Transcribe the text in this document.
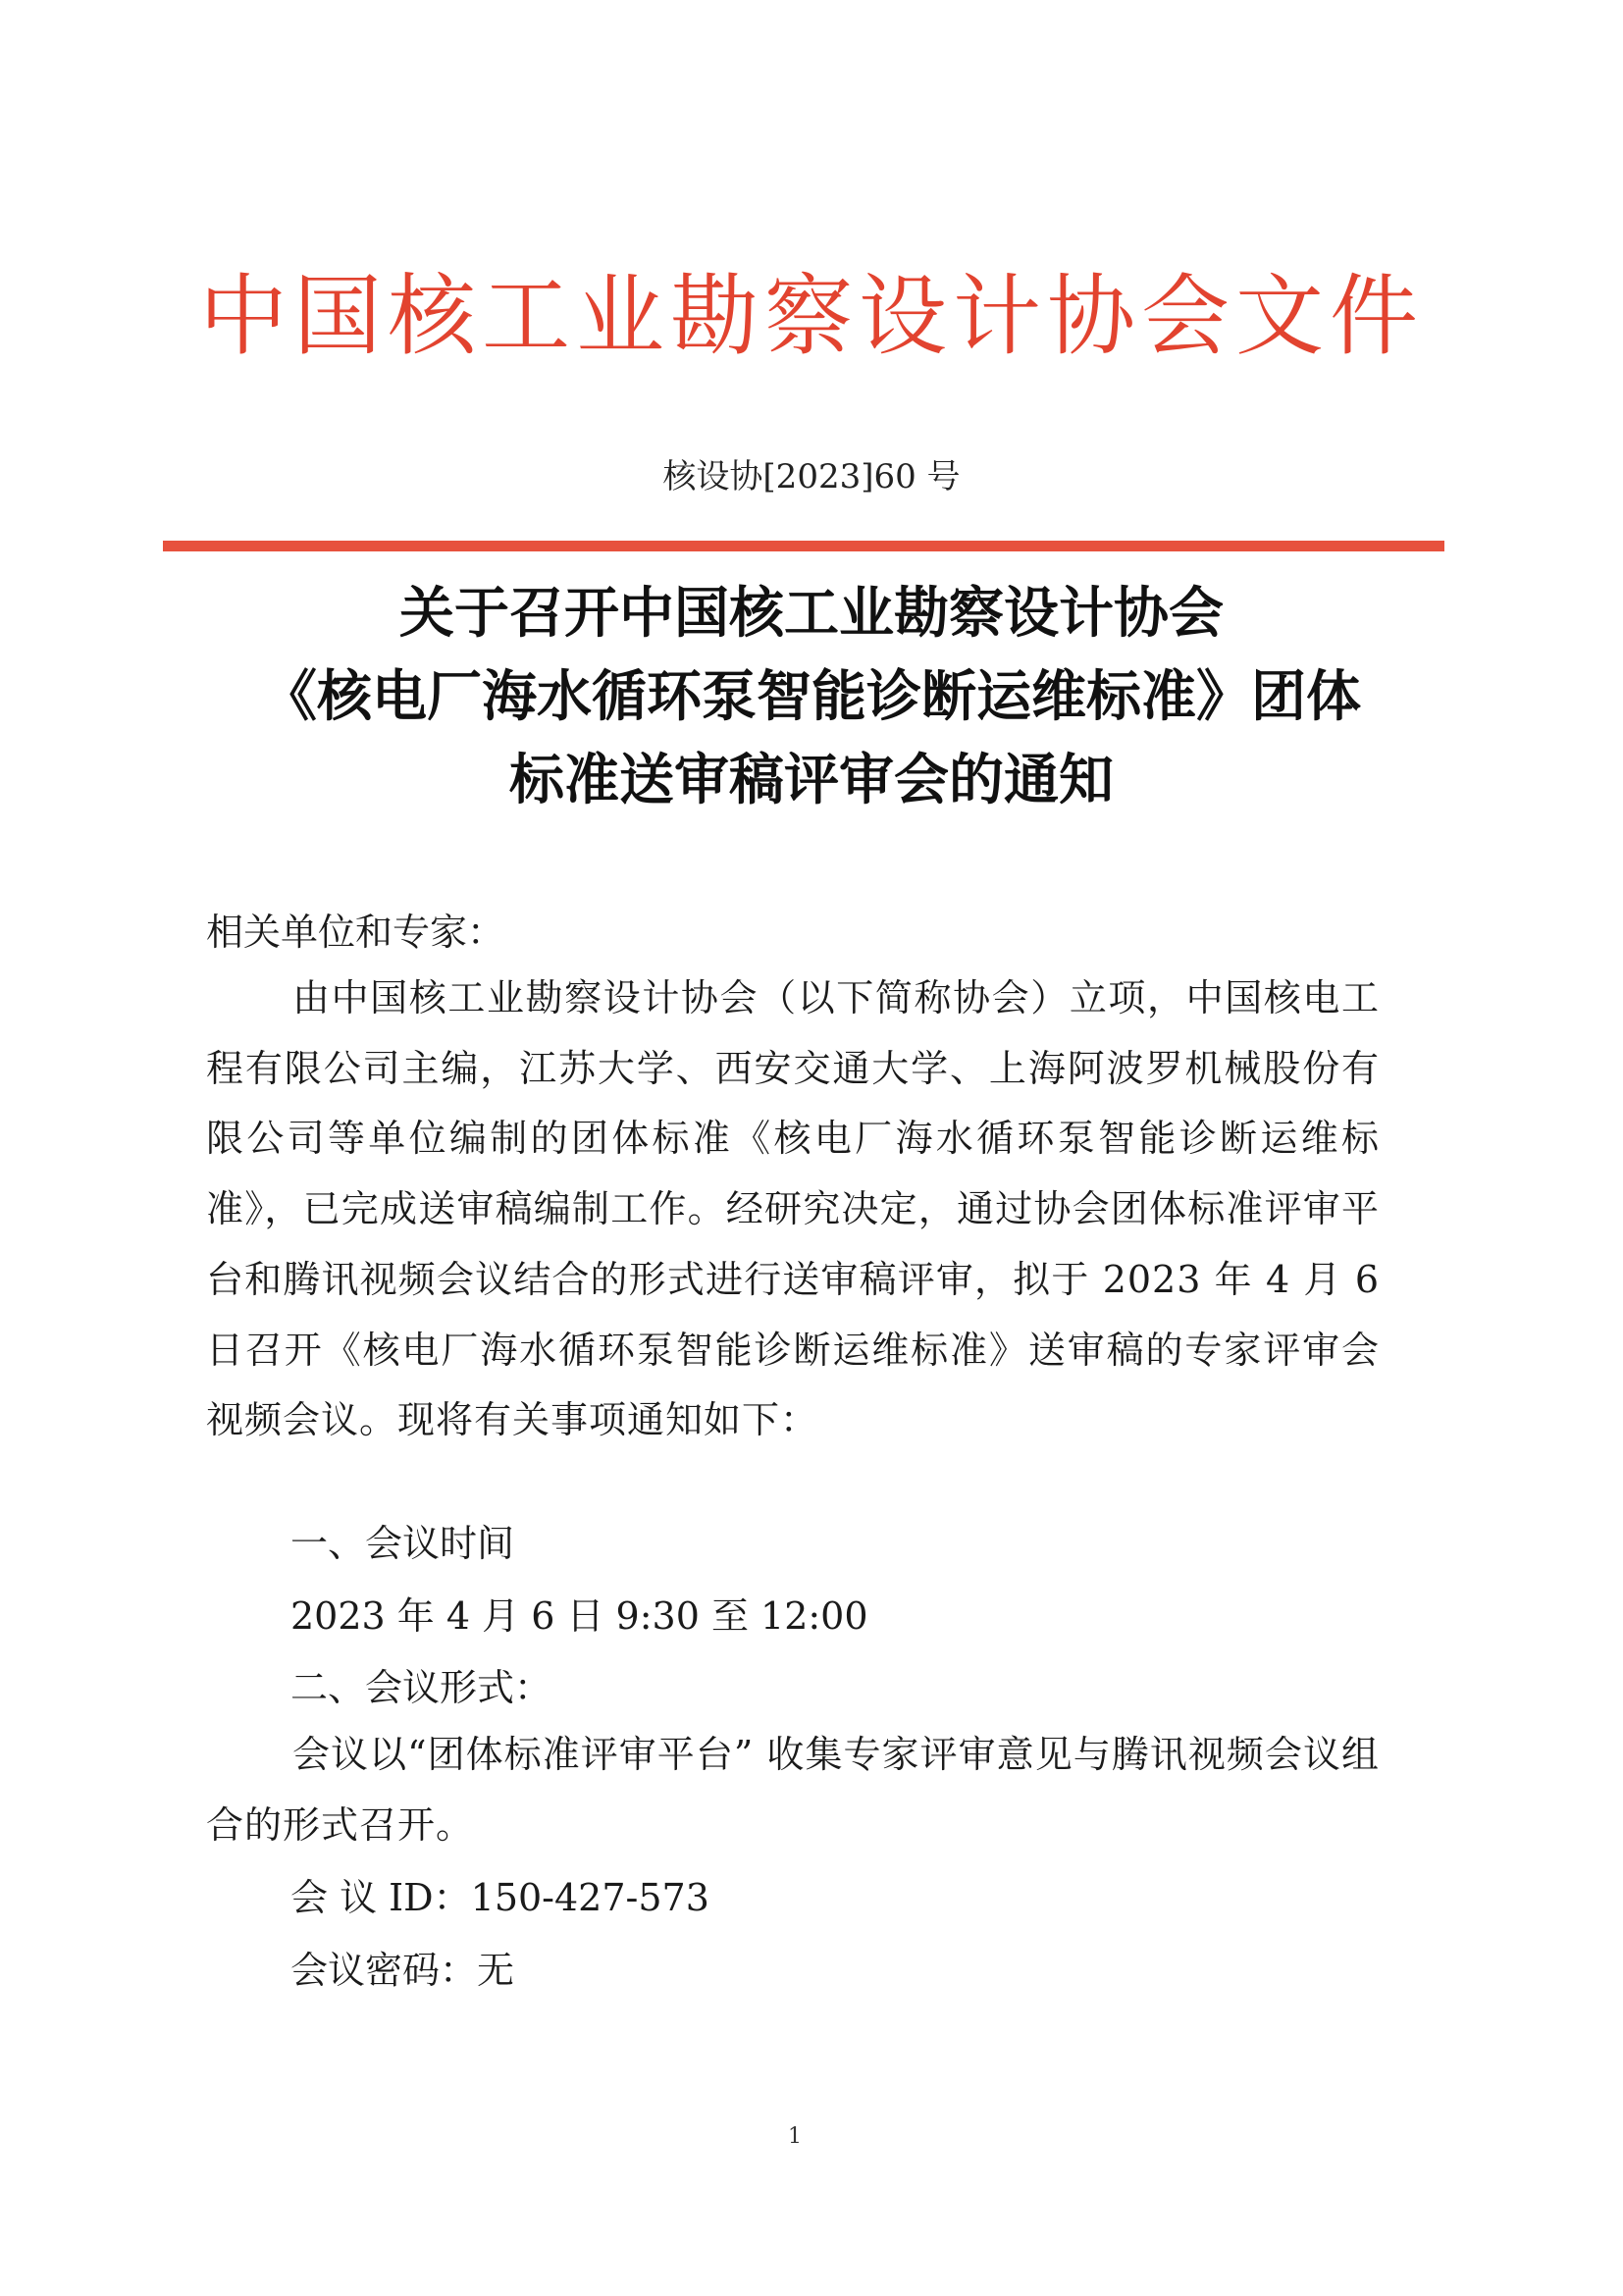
中国核工业勘察设计协会文件
核设协[2023]60 号
关于召开中国核工业勘察设计协会
《核电厂海水循环泵智能诊断运维标准》团体
标准送审稿评审会的通知
相关单位和专家：
由中国核工业勘察设计协会（以下简称协会）立项，中国核电工程有限公司主编，江苏大学、西安交通大学、上海阿波罗机械股份有 限公司等单位编制的团体标准《核电厂海水循环泵智能诊断运维标准》，已完成送审稿编制工作。经研究决定，通过协会团体标准评审平台和腾讯视频会议结合的形式进行送审稿评审，拟于 2023 年 4 月 6 日召开《核电厂海水循环泵智能诊断运维标准》送审稿的专家评审会视频会议。现将有关事项通知如下：
一、会议时间
2023 年 4 月 6 日 9:30 至 12:00
二、会议形式：
会议以“团体标准评审平台” 收集专家评审意见与腾讯视频会议组合的形式召开。
会 议 ID：150-427-573
会议密码：无
1
